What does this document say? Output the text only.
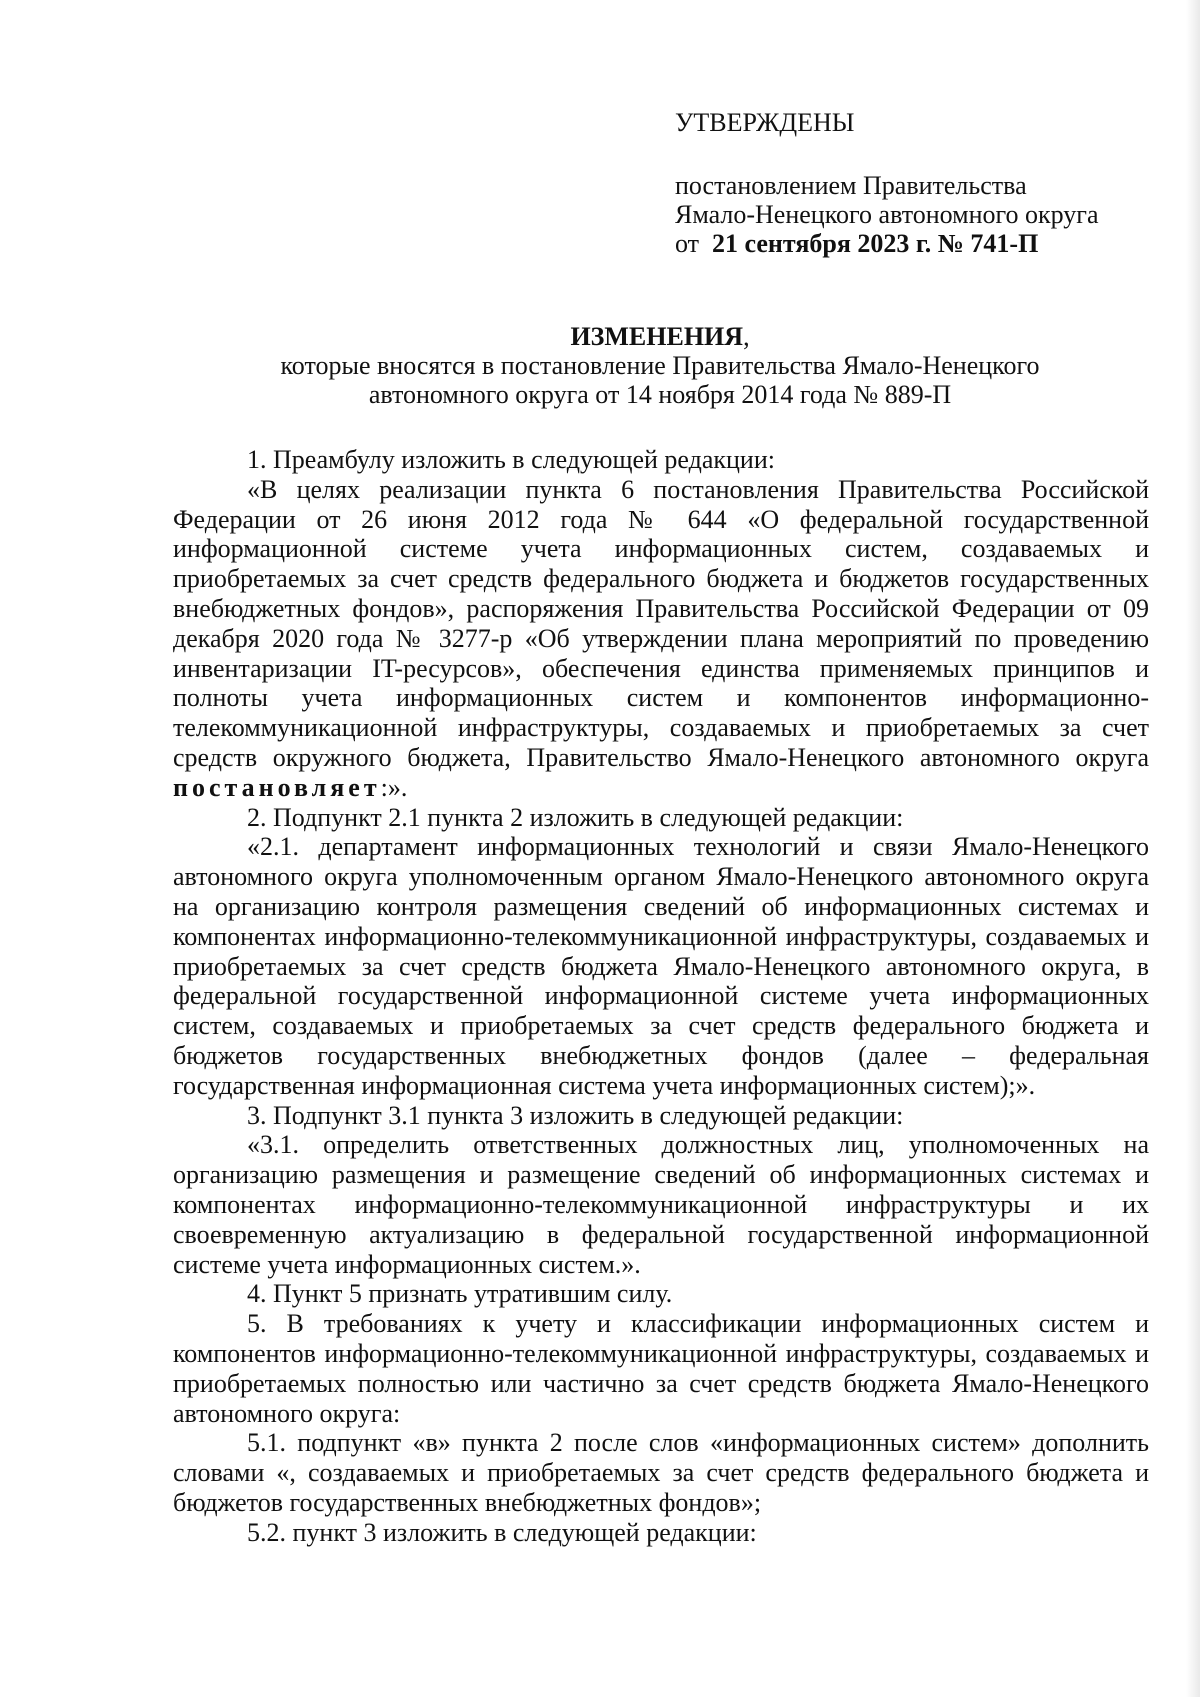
УТВЕРЖДЕНЫ
постановлением Правительства
Ямало-Ненецкого автономного округа
от 21 сентября 2023 г. № 741-П
ИЗМЕНЕНИЯ,
которые вносятся в постановление Правительства Ямало-Ненецкого
автономного округа от 14 ноября 2014 года № 889-П

1. Преамбулу изложить в следующей редакции:

«В целях реализации пункта 6 постановления Правительства Российской Федерации от 26 июня 2012 года № 644 «О федеральной государственной информационной системе учета информационных систем, создаваемых и приобретаемых за счет средств федерального бюджета и бюджетов государственных внебюджетных фондов», распоряжения Правительства Российской Федерации от 09 декабря 2020 года № 3277-р «Об утверждении плана мероприятий по проведению инвентаризации IT-ресурсов», обеспечения единства применяемых принципов и полноты учета информационных систем и компонентов информационно-телекоммуникационной инфраструктуры, создаваемых и приобретаемых за счет средств окружного бюджета, Правительство Ямало-Ненецкого автономного округа постановляет:».

2. Подпункт 2.1 пункта 2 изложить в следующей редакции:

«2.1. департамент информационных технологий и связи Ямало-Ненецкого автономного округа уполномоченным органом Ямало-Ненецкого автономного округа на организацию контроля размещения сведений об информационных системах и компонентах информационно-телекоммуникационной инфраструктуры, создаваемых и приобретаемых за счет средств бюджета Ямало-Ненецкого автономного округа, в федеральной государственной информационной системе учета информационных систем, создаваемых и приобретаемых за счет средств федерального бюджета и бюджетов государственных внебюджетных фондов (далее – федеральная государственная информационная система учета информационных систем);».

3. Подпункт 3.1 пункта 3 изложить в следующей редакции:

«3.1. определить ответственных должностных лиц, уполномоченных на организацию размещения и размещение сведений об информационных системах и компонентах информационно-телекоммуникационной инфраструктуры и их своевременную актуализацию в федеральной государственной информационной системе учета информационных систем.».

4. Пункт 5 признать утратившим силу.

5. В требованиях к учету и классификации информационных систем и компонентов информационно-телекоммуникационной инфраструктуры, создаваемых и приобретаемых полностью или частично за счет средств бюджета Ямало-Ненецкого автономного округа:

5.1. подпункт «в» пункта 2 после слов «информационных систем» дополнить словами «, создаваемых и приобретаемых за счет средств федерального бюджета и бюджетов государственных внебюджетных фондов»;

5.2. пункт 3 изложить в следующей редакции:
